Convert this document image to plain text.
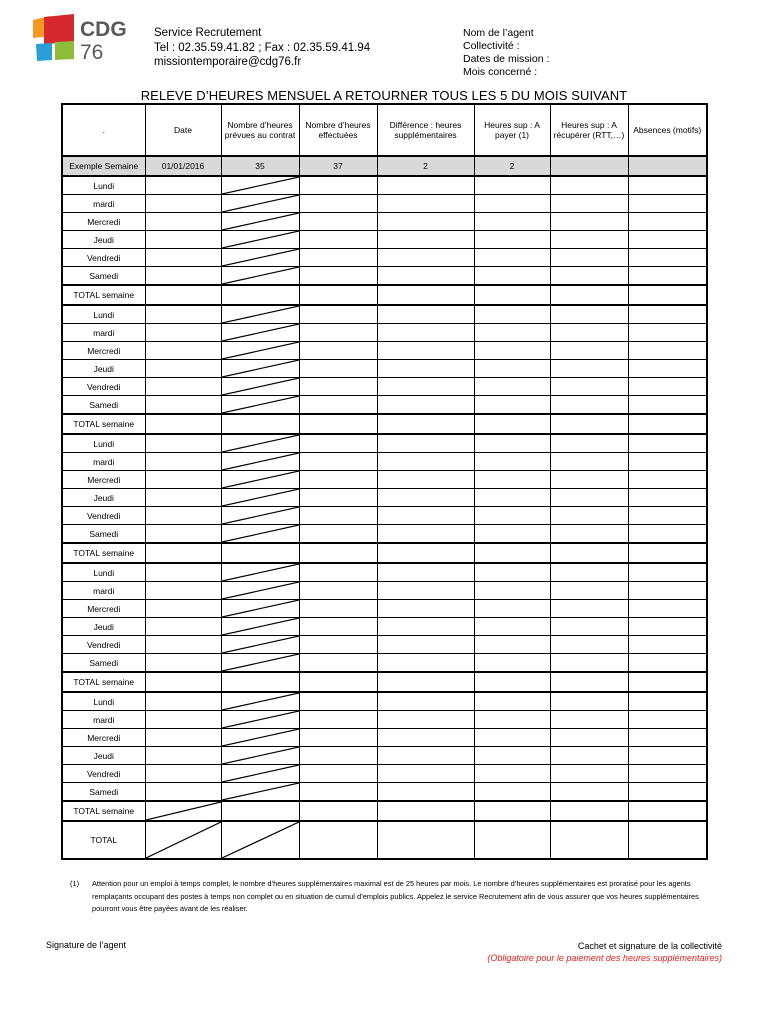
CDG
76
Service Recrutement
Tel : 02.35.59.41.82 ; Fax : 02.35.59.41.94
missiontemporaire@cdg76.fr
Nom de l’agent
Collectivité :
Dates de mission :
Mois concerné :
RELEVE D’HEURES MENSUEL A RETOURNER TOUS LES 5 DU MOIS SUIVANT
.	Date	Nombre d’heures prévues au contrat	Nombre d’heures effectuées	Différence : heures supplémentaires	Heures sup : A payer (1)	Heures sup : A récupérer (RTT,…)	Absences (motifs)
Exemple Semaine	01/01/2016	35	37	2	2		
Lundi		

mardi		

Mercredi		

Jeudi		

Vendredi		

Samedi		

TOTAL semaine							
Lundi		

mardi		

Mercredi		

Jeudi		

Vendredi		

Samedi		

TOTAL semaine							
Lundi		

mardi		

Mercredi		

Jeudi		

Vendredi		

Samedi		

TOTAL semaine							
Lundi		

mardi		

Mercredi		

Jeudi		

Vendredi		

Samedi		

TOTAL semaine							
Lundi		

mardi		

Mercredi		

Jeudi		

Vendredi		

Samedi		

TOTAL semaine	

TOTAL	

(1) Attention pour un emploi à temps complet, le nombre d’heures supplémentaires maximal est de 25 heures par mois. Le nombre d’heures supplémentaires est proratisé pour les agents remplaçants occupant des postes à temps non complet ou en situation de cumul d’emplois publics. Appelez le service Recrutement afin de vous assurer que vos heures supplémentaires pourront vous être payées avant de les réaliser.
Signature de l’agent	Cachet et signature de la collectivité
(Obligatoire pour le paiement des heures supplémentaires)
